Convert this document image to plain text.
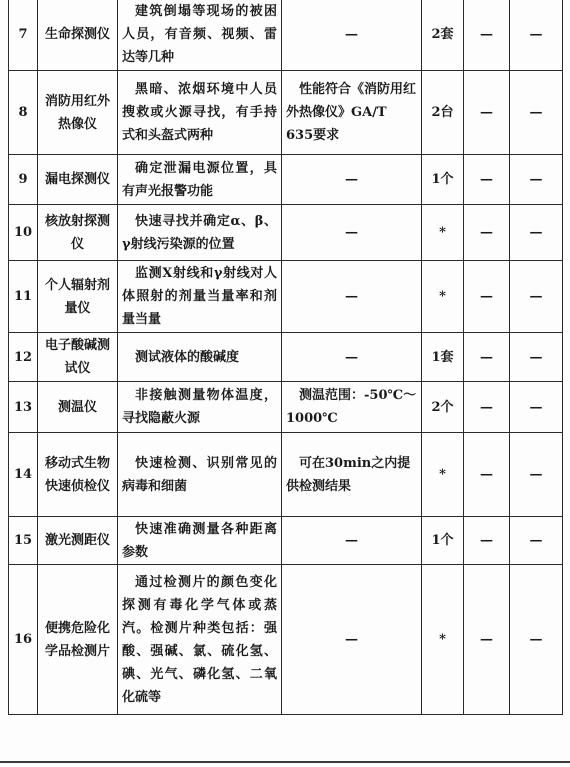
7	生命探测仪	建筑倒塌等现场的被困人员，有音频、视频、雷达等几种	—	2套	—	—
8	消防用红外热像仪	黑暗、浓烟环境中人员搜救或火源寻找，有手持式和头盔式两种	性能符合《消防用红外热像仪》GA/T 635要求	2台	—	—
9	漏电探测仪	确定泄漏电源位置，具有声光报警功能	—	1个	—	—
10	核放射探测仪	快速寻找并确定α、β、γ射线污染源的位置	—	*	—	—
11	个人辐射剂量仪	监测X射线和γ射线对人体照射的剂量当量率和剂量当量	—	*	—	—
12	电子酸碱测试仪	测试液体的酸碱度	—	1套	—	—
13	测温仪	非接触测量物体温度，寻找隐蔽火源	测温范围：-50℃～1000℃	2个	—	—
14	移动式生物快速侦检仪	快速检测、识别常见的病毒和细菌	可在30min之内提供检测结果	*	—	—
15	激光测距仪	快速准确测量各种距离参数	—	1个	—	—
16	便携危险化学品检测片	通过检测片的颜色变化探测有毒化学气体或蒸汽。检测片种类包括：强酸、强碱、氯、硫化氢、碘、光气、磷化氢、二氧化硫等	—	*	—	—
